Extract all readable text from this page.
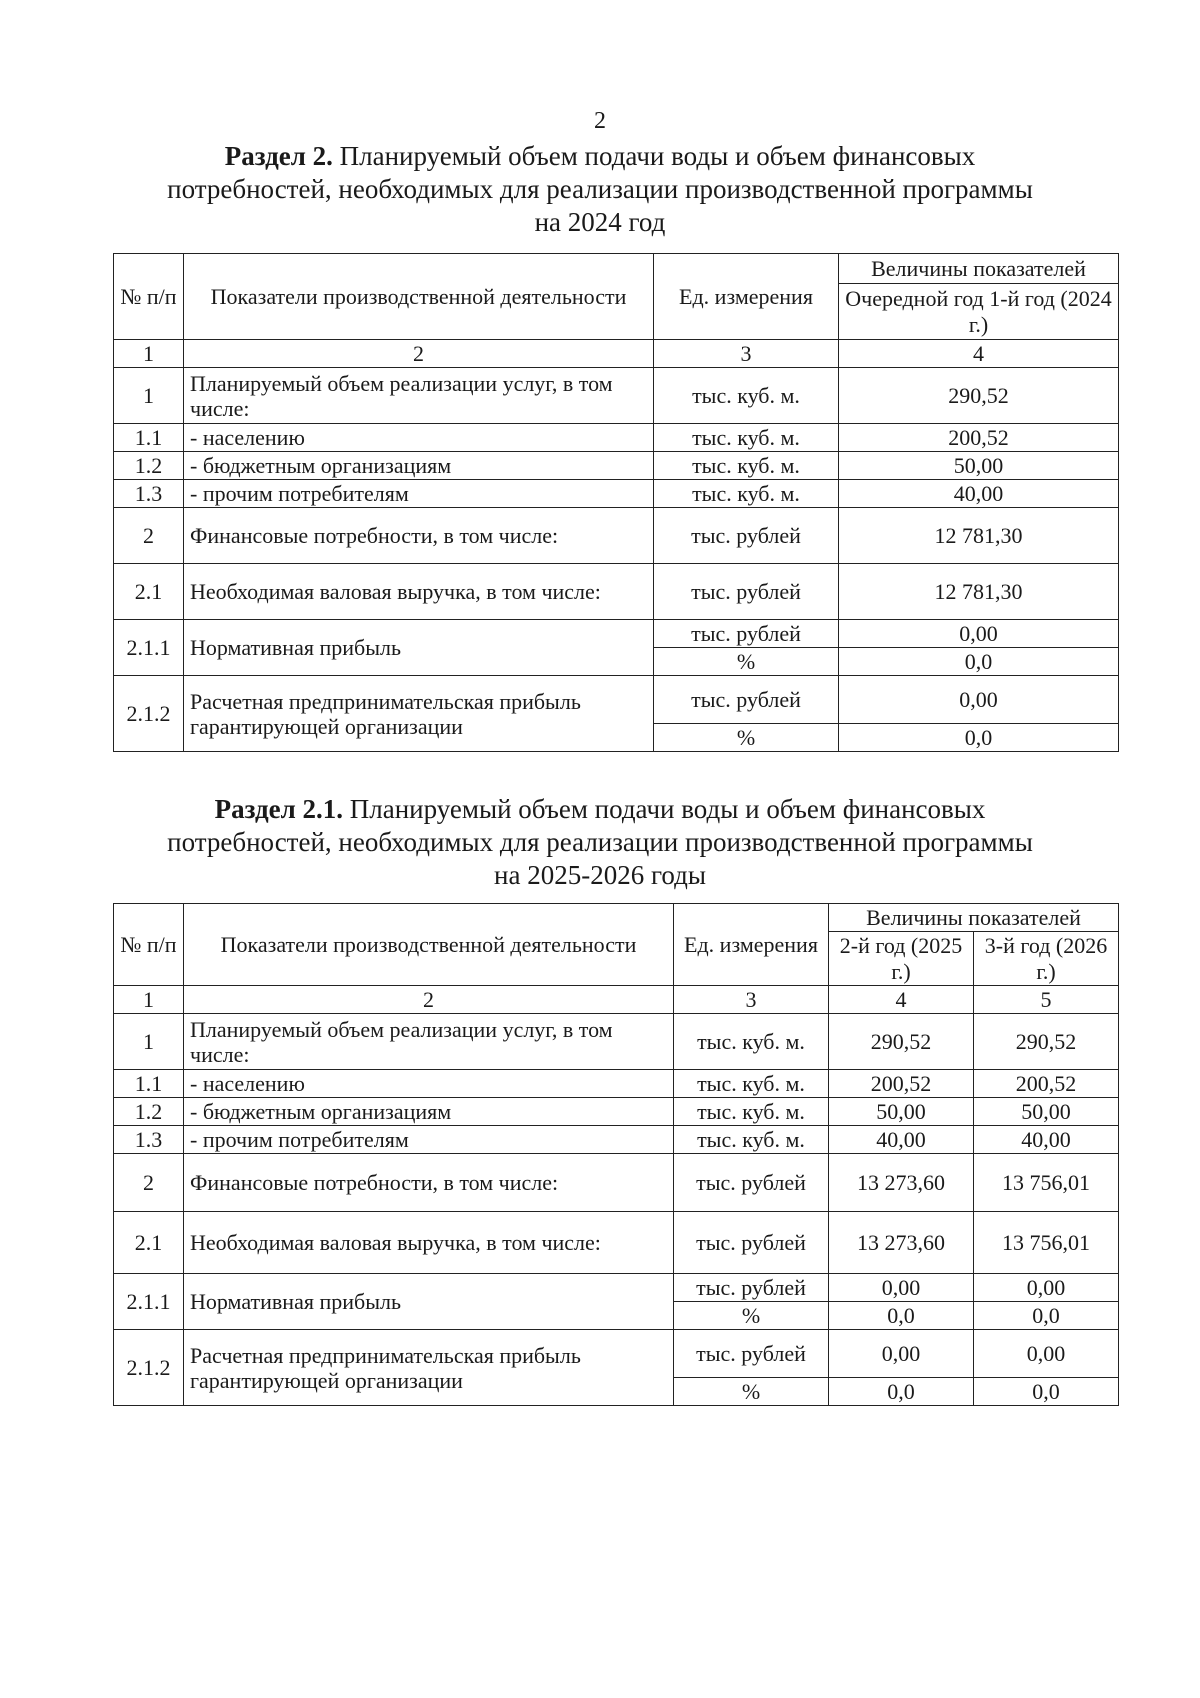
2
Раздел 2. Планируемый объем подачи воды и объем финансовых
потребностей, необходимых для реализации производственной программы
на 2024 год
№ п/п	Показатели производственной деятельности	Ед. измерения	Величины показателей
			Очередной год 1-й год (2024 г.)
1	2	3	4
1	Планируемый объем реализации услуг, в том числе:	тыс. куб. м.	290,52
1.1	- населению	тыс. куб. м.	200,52
1.2	- бюджетным организациям	тыс. куб. м.	50,00
1.3	- прочим потребителям	тыс. куб. м.	40,00
2	Финансовые потребности, в том числе:	тыс. рублей	12 781,30
2.1	Необходимая валовая выручка, в том числе:	тыс. рублей	12 781,30
2.1.1	Нормативная прибыль	тыс. рублей	0,00
		%	0,0
2.1.2	Расчетная предпринимательская прибыль гарантирующей организации	тыс. рублей	0,00
		%	0,0
Раздел 2.1. Планируемый объем подачи воды и объем финансовых
потребностей, необходимых для реализации производственной программы
на 2025-2026 годы
№ п/п	Показатели производственной деятельности	Ед. измерения	Величины показателей	
			2-й год (2025 г.)	3-й год (2026 г.)
1	2	3	4	5
1	Планируемый объем реализации услуг, в том числе:	тыс. куб. м.	290,52	290,52
1.1	- населению	тыс. куб. м.	200,52	200,52
1.2	- бюджетным организациям	тыс. куб. м.	50,00	50,00
1.3	- прочим потребителям	тыс. куб. м.	40,00	40,00
2	Финансовые потребности, в том числе:	тыс. рублей	13 273,60	13 756,01
2.1	Необходимая валовая выручка, в том числе:	тыс. рублей	13 273,60	13 756,01
2.1.1	Нормативная прибыль	тыс. рублей	0,00	0,00
		%	0,0	0,0
2.1.2	Расчетная предпринимательская прибыль гарантирующей организации	тыс. рублей	0,00	0,00
		%	0,0	0,0
